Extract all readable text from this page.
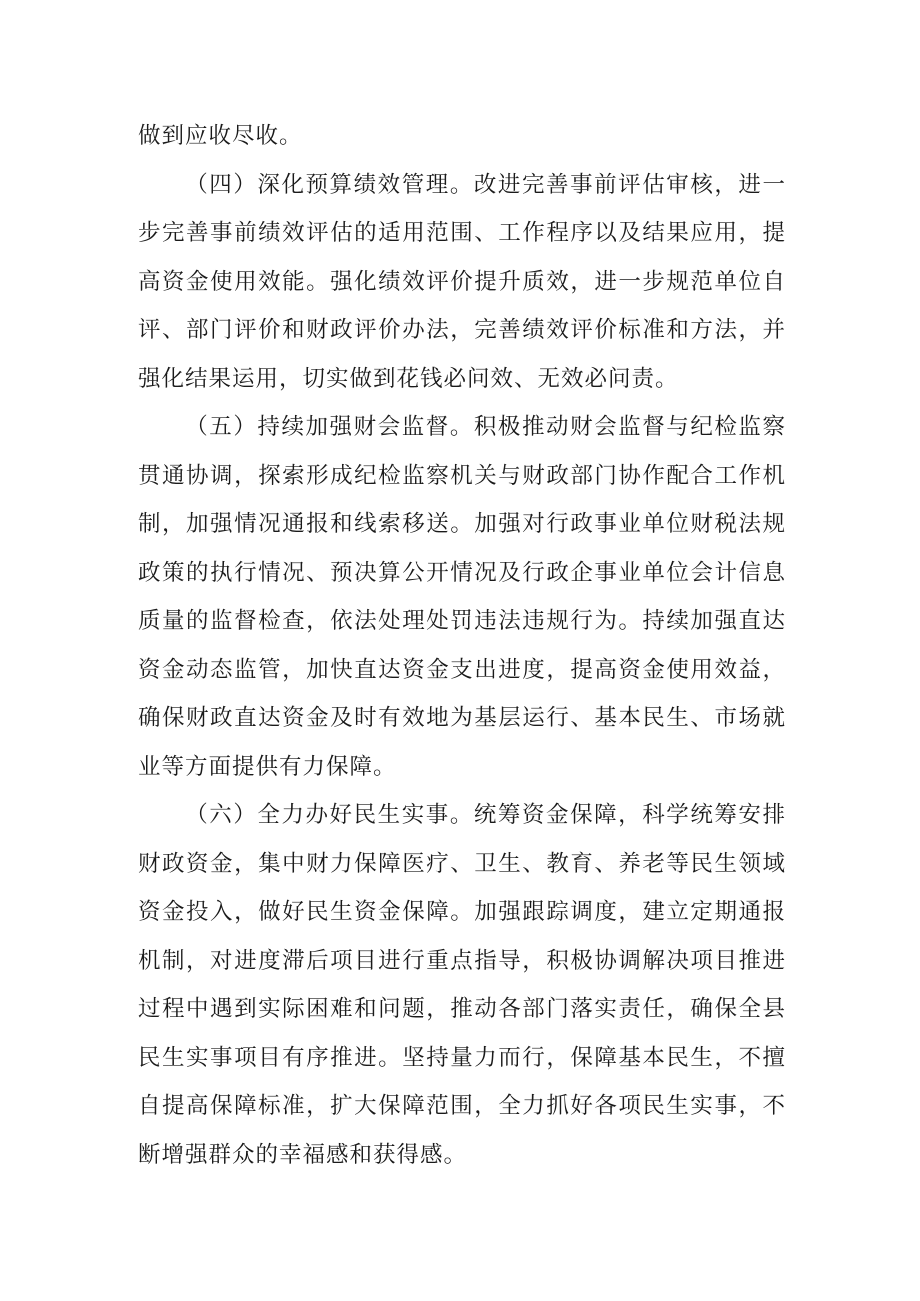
做到应收尽收。

（四）深化预算绩效管理。改进完善事前评估审核，进一步完善事前绩效评估的适用范围、工作程序以及结果应用，提高资金使用效能。强化绩效评价提升质效，进一步规范单位自评、部门评价和财政评价办法，完善绩效评价标准和方法，并强化结果运用，切实做到花钱必问效、无效必问责。

（五）持续加强财会监督。积极推动财会监督与纪检监察贯通协调，探索形成纪检监察机关与财政部门协作配合工作机制，加强情况通报和线索移送。加强对行政事业单位财税法规政策的执行情况、预决算公开情况及行政企事业单位会计信息质量的监督检查，依法处理处罚违法违规行为。持续加强直达资金动态监管，加快直达资金支出进度，提高资金使用效益，确保财政直达资金及时有效地为基层运行、基本民生、市场就业等方面提供有力保障。

（六）全力办好民生实事。统筹资金保障，科学统筹安排财政资金，集中财力保障医疗、卫生、教育、养老等民生领域资金投入，做好民生资金保障。加强跟踪调度，建立定期通报机制，对进度滞后项目进行重点指导，积极协调解决项目推进过程中遇到实际困难和问题，推动各部门落实责任，确保全县民生实事项目有序推进。坚持量力而行，保障基本民生，不擅自提高保障标准，扩大保障范围，全力抓好各项民生实事，不断增强群众的幸福感和获得感。
